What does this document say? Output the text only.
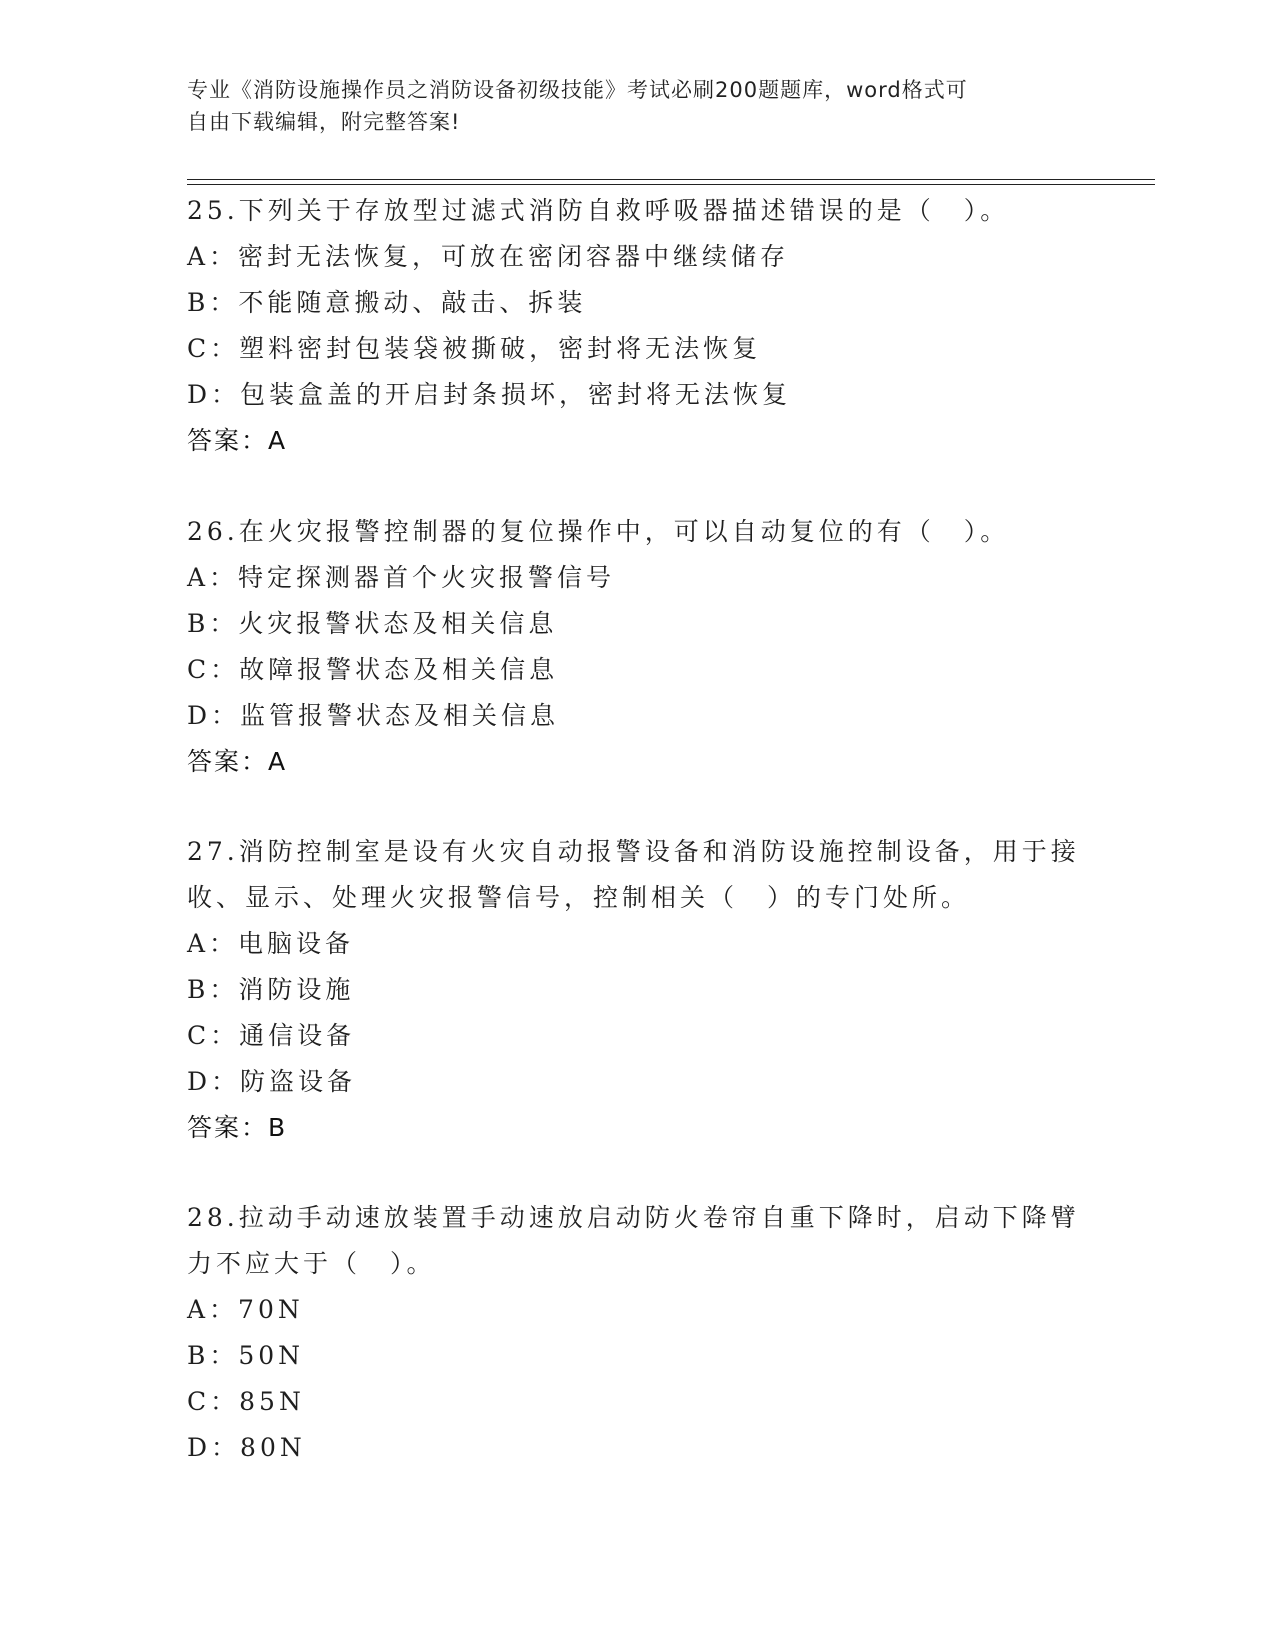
专业《消防设施操作员之消防设备初级技能》考试必刷200题题库，word格式可
自由下载编辑，附完整答案!
25.下列关于存放型过滤式消防自救呼吸器描述错误的是（　）。
A：密封无法恢复，可放在密闭容器中继续储存
B：不能随意搬动、敲击、拆装
C：塑料密封包装袋被撕破，密封将无法恢复
D：包装盒盖的开启封条损坏，密封将无法恢复
答案：A
26.在火灾报警控制器的复位操作中，可以自动复位的有（　）。
A：特定探测器首个火灾报警信号
B：火灾报警状态及相关信息
C：故障报警状态及相关信息
D：监管报警状态及相关信息
答案：A
27.消防控制室是设有火灾自动报警设备和消防设施控制设备，用于接
收、显示、处理火灾报警信号，控制相关（　）的专门处所。
A：电脑设备
B：消防设施
C：通信设备
D：防盗设备
答案：B
28.拉动手动速放装置手动速放启动防火卷帘自重下降时，启动下降臂
力不应大于（　）。
A：70N
B：50N
C：85N
D：80N
